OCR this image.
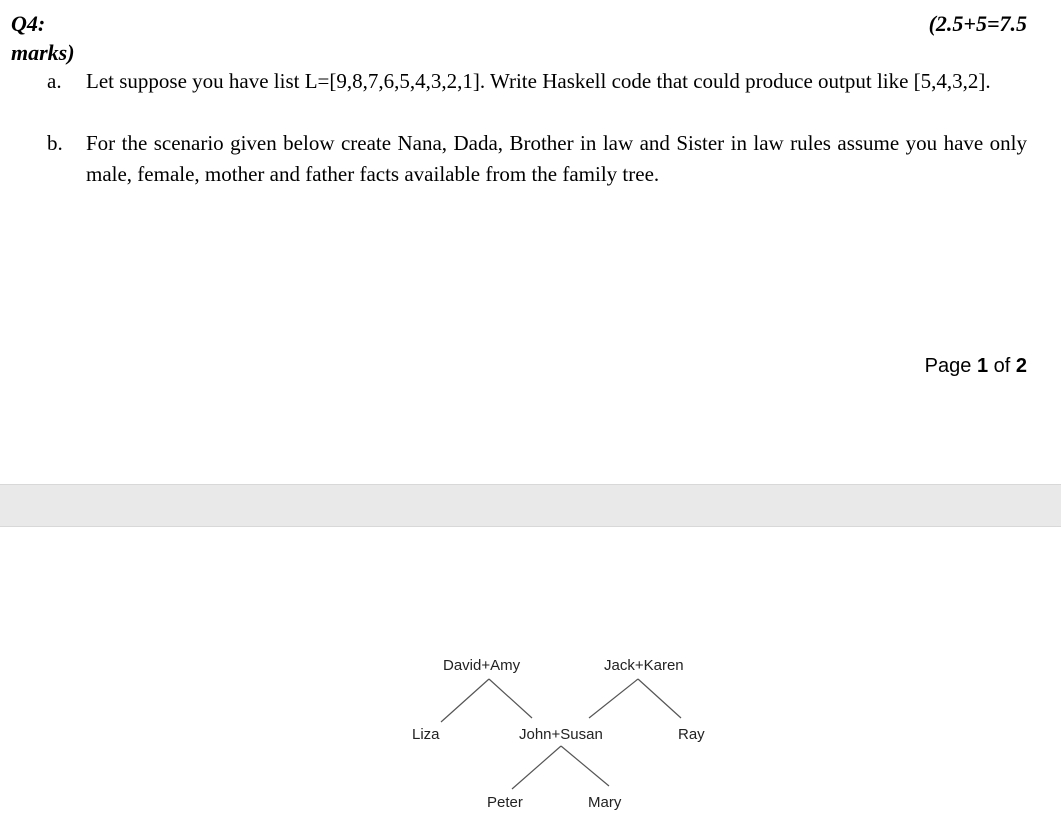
Q4:
marks)
(2.5+5=7.5
a. Let suppose you have list L=[9,8,7,6,5,4,3,2,1]. Write Haskell code that could produce output like [5,4,3,2].
b. For the scenario given below create Nana, Dada, Brother in law and Sister in law rules assume you have only male, female, mother and father facts available from the family tree.
Page 1 of 2
David+Amy	Jack+Karen
Liza	John+Susan	Ray
Peter	Mary
